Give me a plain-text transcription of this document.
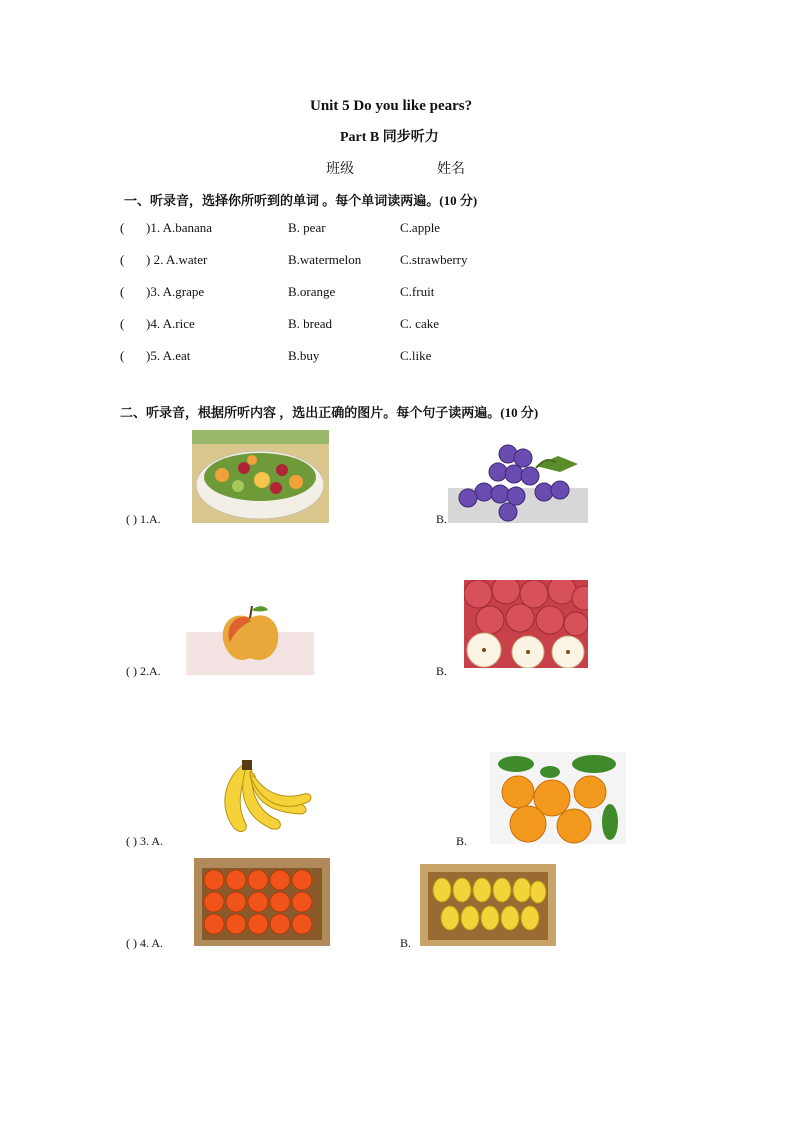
Unit 5 Do you like pears?
Part B 同步听力
班级	姓名
一、听录音，选择你所听到的单词 。每个单词读两遍。(10 分)
( )1. A.banana	B. pear	C.apple
( ) 2. A.water	B.watermelon	C.strawberry
( )3. A.grape	B.orange	C.fruit
( )4. A.rice	B. bread	C. cake
( )5. A.eat	B.buy	C.like
二、听录音，根据所听内容 ，选出正确的图片。每个句子读两遍。(10 分)
( ) 1.A.	B.
( ) 2.A.	B.
( ) 3. A.	B.
( ) 4. A.	B.
